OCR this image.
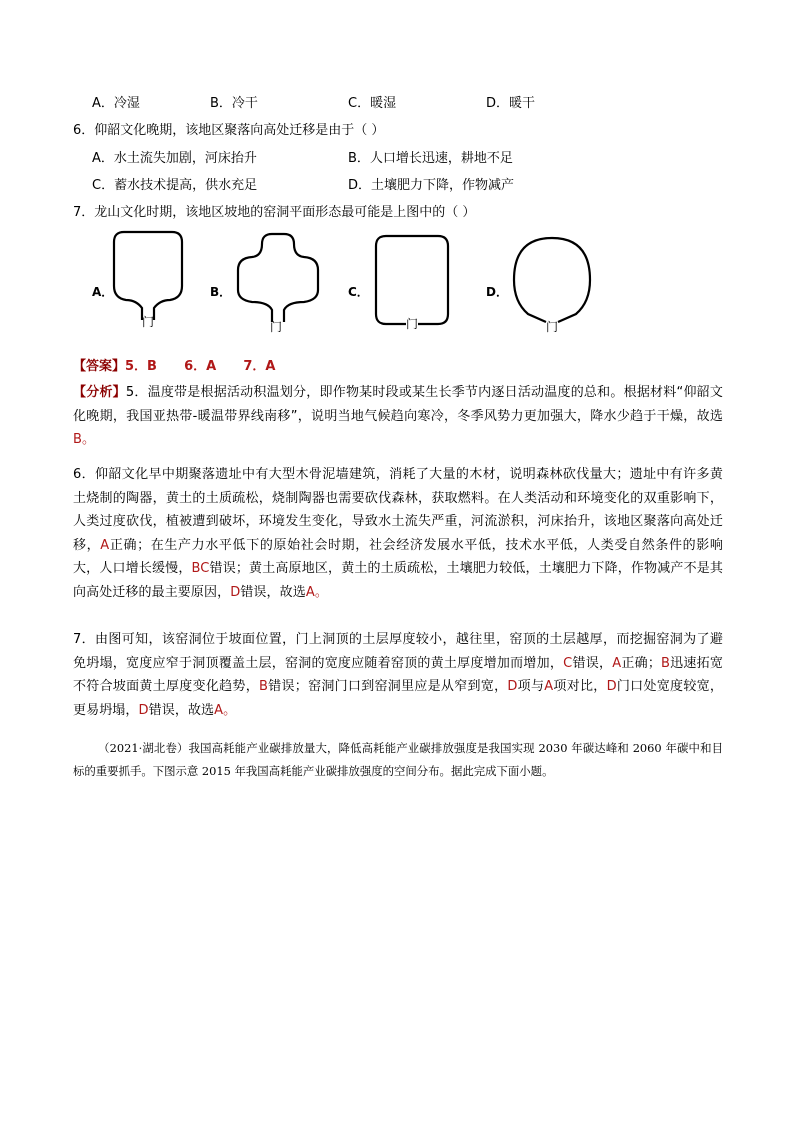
A．冷湿	B．冷干	C．暖湿	D．暖干
6．仰韶文化晚期，该地区聚落向高处迁移是由于（ ）
A．水土流失加剧，河床抬升	B．人口增长迅速，耕地不足
C．蓄水技术提高，供水充足	D．土壤肥力下降，作物减产
7．龙山文化时期，该地区坡地的窑洞平面形态最可能是上图中的（ ）
A．
门
B．
门
C．
门
D．
门
【答案】5．B      6．A      7．A
【分析】5．温度带是根据活动积温划分，即作物某时段或某生长季节内逐日活动温度的总和。根据材料“仰韶文化晚期，我国亚热带-暖温带界线南移”，说明当地气候趋向寒冷，冬季风势力更加强大，降水少趋于干燥，故选B。
6．仰韶文化早中期聚落遗址中有大型木骨泥墙建筑，消耗了大量的木材，说明森林砍伐量大；遗址中有许多黄土烧制的陶器，黄土的土质疏松，烧制陶器也需要砍伐森林，获取燃料。在人类活动和环境变化的双重影响下，人类过度砍伐，植被遭到破坏，环境发生变化，导致水土流失严重，河流淤积，河床抬升，该地区聚落向高处迁移，A正确；在生产力水平低下的原始社会时期，社会经济发展水平低，技术水平低，人类受自然条件的影响大，人口增长缓慢，BC错误；黄土高原地区，黄土的土质疏松，土壤肥力较低，土壤肥力下降，作物减产不是其向高处迁移的最主要原因，D错误，故选A。
7．由图可知，该窑洞位于坡面位置，门上洞顶的土层厚度较小，越往里，窑顶的土层越厚，而挖掘窑洞为了避免坍塌，宽度应窄于洞顶覆盖土层，窑洞的宽度应随着窑顶的黄土厚度增加而增加，C错误，A正确；B迅速拓宽不符合坡面黄土厚度变化趋势，B错误；窑洞门口到窑洞里应是从窄到宽，D项与A项对比，D门口处宽度较宽，更易坍塌，D错误，故选A。
（2021·湖北卷）我国高耗能产业碳排放量大，降低高耗能产业碳排放强度是我国实现 2030 年碳达峰和 2060 年碳中和目标的重要抓手。下图示意 2015 年我国高耗能产业碳排放强度的空间分布。据此完成下面小题。
